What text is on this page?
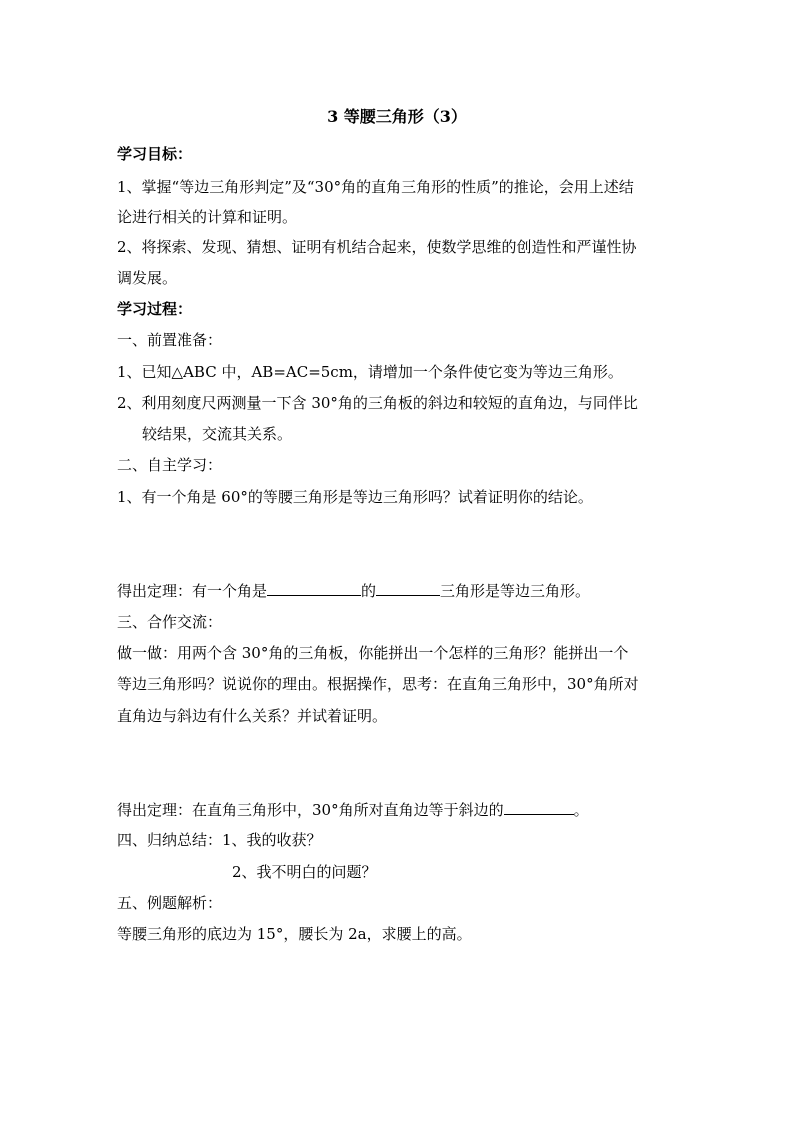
3 等腰三角形（3）
学习目标：
1、掌握“等边三角形判定”及“30°角的直角三角形的性质”的推论，会用上述结
论进行相关的计算和证明。
2、将探索、发现、猜想、证明有机结合起来，使数学思维的创造性和严谨性协
调发展。
学习过程：
一、前置准备：
1、已知△ABC 中，AB=AC=5cm，请增加一个条件使它变为等边三角形。
2、利用刻度尺两测量一下含 30°角的三角板的斜边和较短的直角边，与同伴比
较结果，交流其关系。
二、自主学习：
1、有一个角是 60°的等腰三角形是等边三角形吗？试着证明你的结论。
得出定理：有一个角是	的	三角形是等边三角形。
三、合作交流：
做一做：用两个含 30°角的三角板，你能拼出一个怎样的三角形？能拼出一个
等边三角形吗？说说你的理由。根据操作，思考：在直角三角形中，30°角所对
直角边与斜边有什么关系？并试着证明。
得出定理：在直角三角形中，30°角所对直角边等于斜边的	。
四、归纳总结：1、我的收获？
2、我不明白的问题？
五、例题解析：
等腰三角形的底边为 15°，腰长为 2a，求腰上的高。
